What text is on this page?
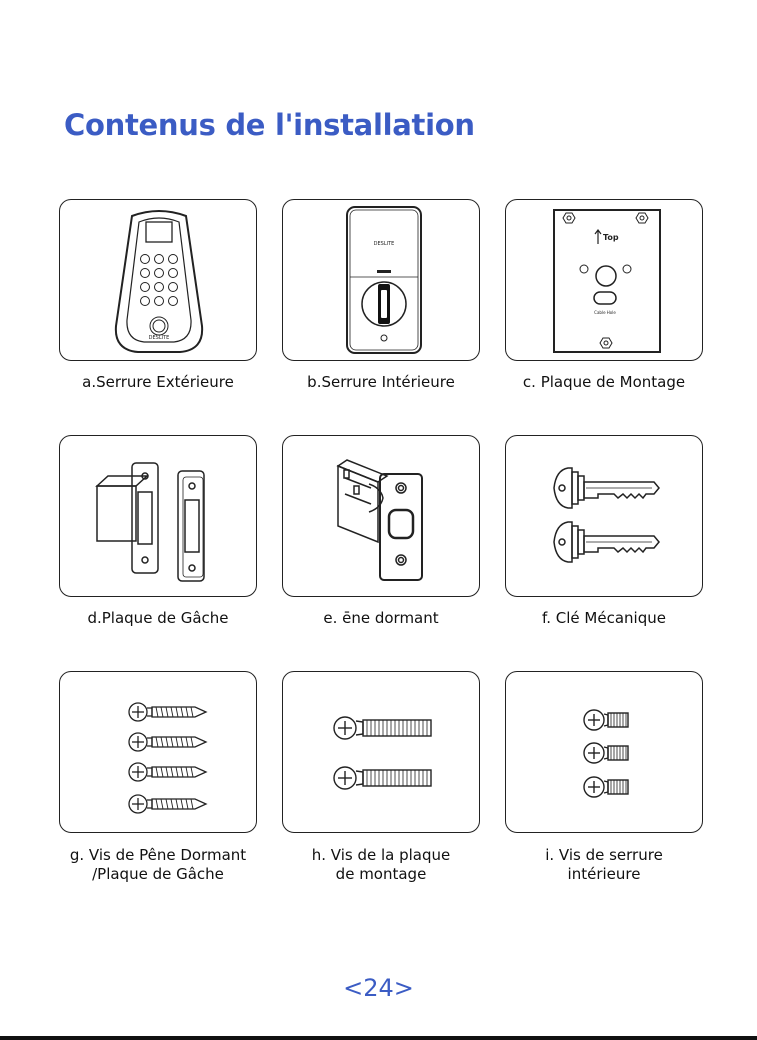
Contenus de l'installation
DESLITE
a.Serrure Extérieure
DESLITE
b.Serrure Intérieure
Top
Cable Hole
c. Plaque de Montage
d.Plaque de Gâche	e. ēne dormant	f. Clé Mécanique
g. Vis de Pêne Dormant
/Plaque de Gâche
h. Vis de la plaque
de montage
i. Vis de serrure
intérieure
<24>
